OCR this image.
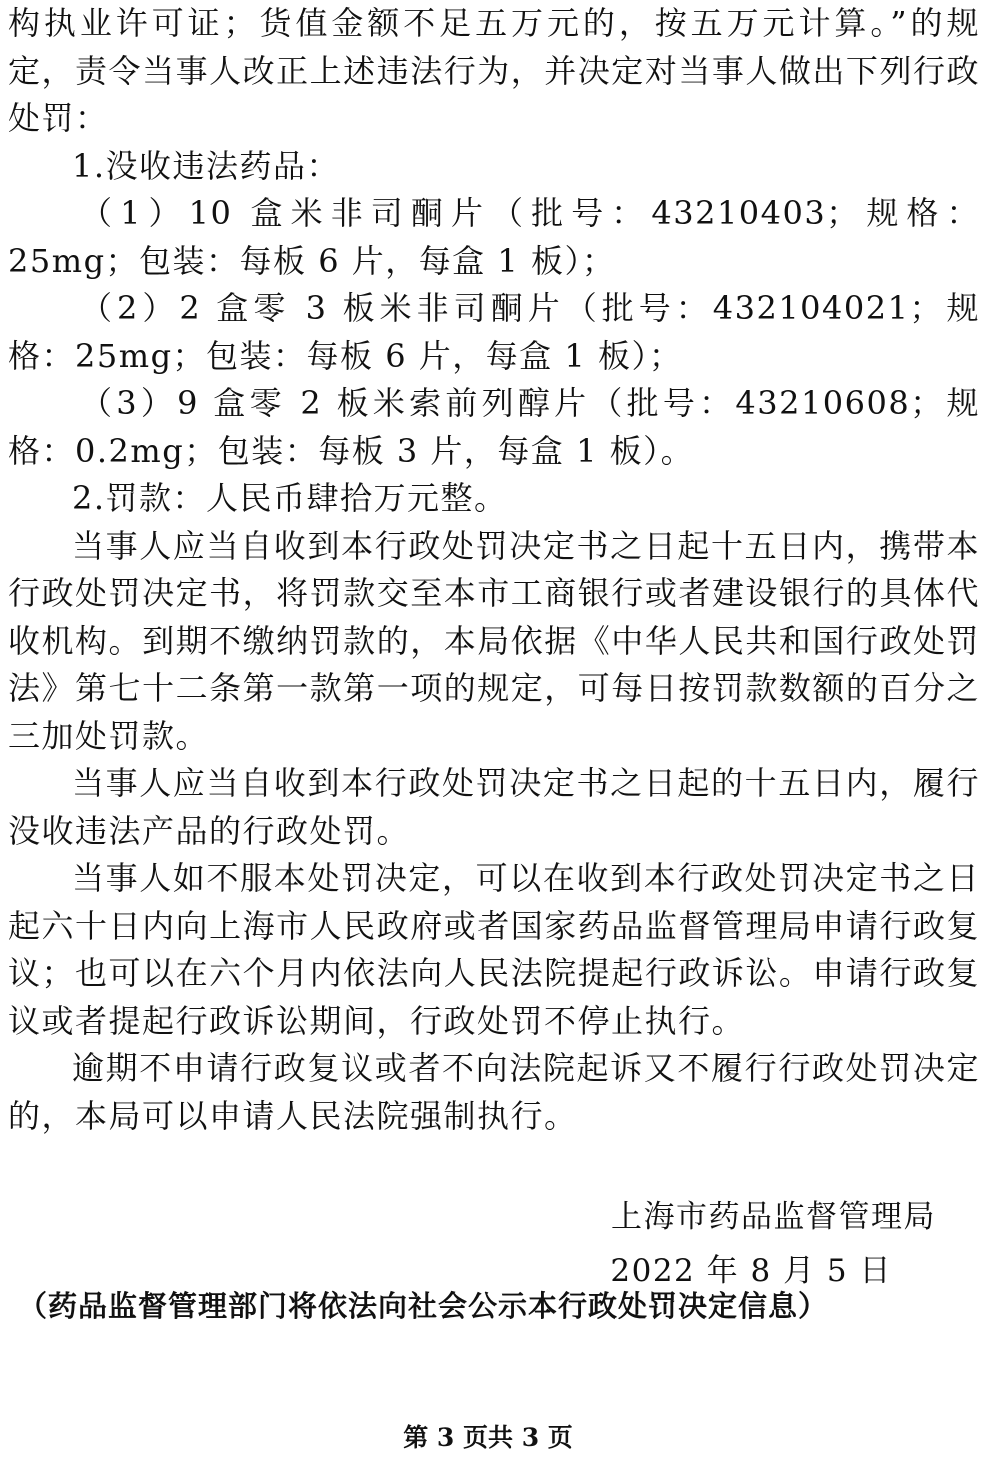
构执业许可证；货值金额不足五万元的，按五万元计算。”的规定，责令当事人改正上述违法行为，并决定对当事人做出下列行政处罚：

1.没收违法药品：

（1）10 盒米非司酮片（批号：43210403；规格：25mg；包装：每板 6 片，每盒 1 板）；

（2）2 盒零 3 板米非司酮片（批号：432104021；规格：25mg；包装：每板 6 片，每盒 1 板）；

（3）9 盒零 2 板米索前列醇片（批号：43210608；规格：0.2mg；包装：每板 3 片，每盒 1 板）。

2.罚款：人民币肆拾万元整。

当事人应当自收到本行政处罚决定书之日起十五日内，携带本行政处罚决定书，将罚款交至本市工商银行或者建设银行的具体代收机构。到期不缴纳罚款的，本局依据《中华人民共和国行政处罚法》第七十二条第一款第一项的规定，可每日按罚款数额的百分之三加处罚款。

当事人应当自收到本行政处罚决定书之日起的十五日内，履行没收违法产品的行政处罚。

当事人如不服本处罚决定，可以在收到本行政处罚决定书之日起六十日内向上海市人民政府或者国家药品监督管理局申请行政复议；也可以在六个月内依法向人民法院提起行政诉讼。申请行政复议或者提起行政诉讼期间，行政处罚不停止执行。

逾期不申请行政复议或者不向法院起诉又不履行行政处罚决定的，本局可以申请人民法院强制执行。

上海市药品监督管理局
2022 年 8 月 5 日
（药品监督管理部门将依法向社会公示本行政处罚决定信息）
第 3 页共 3 页
